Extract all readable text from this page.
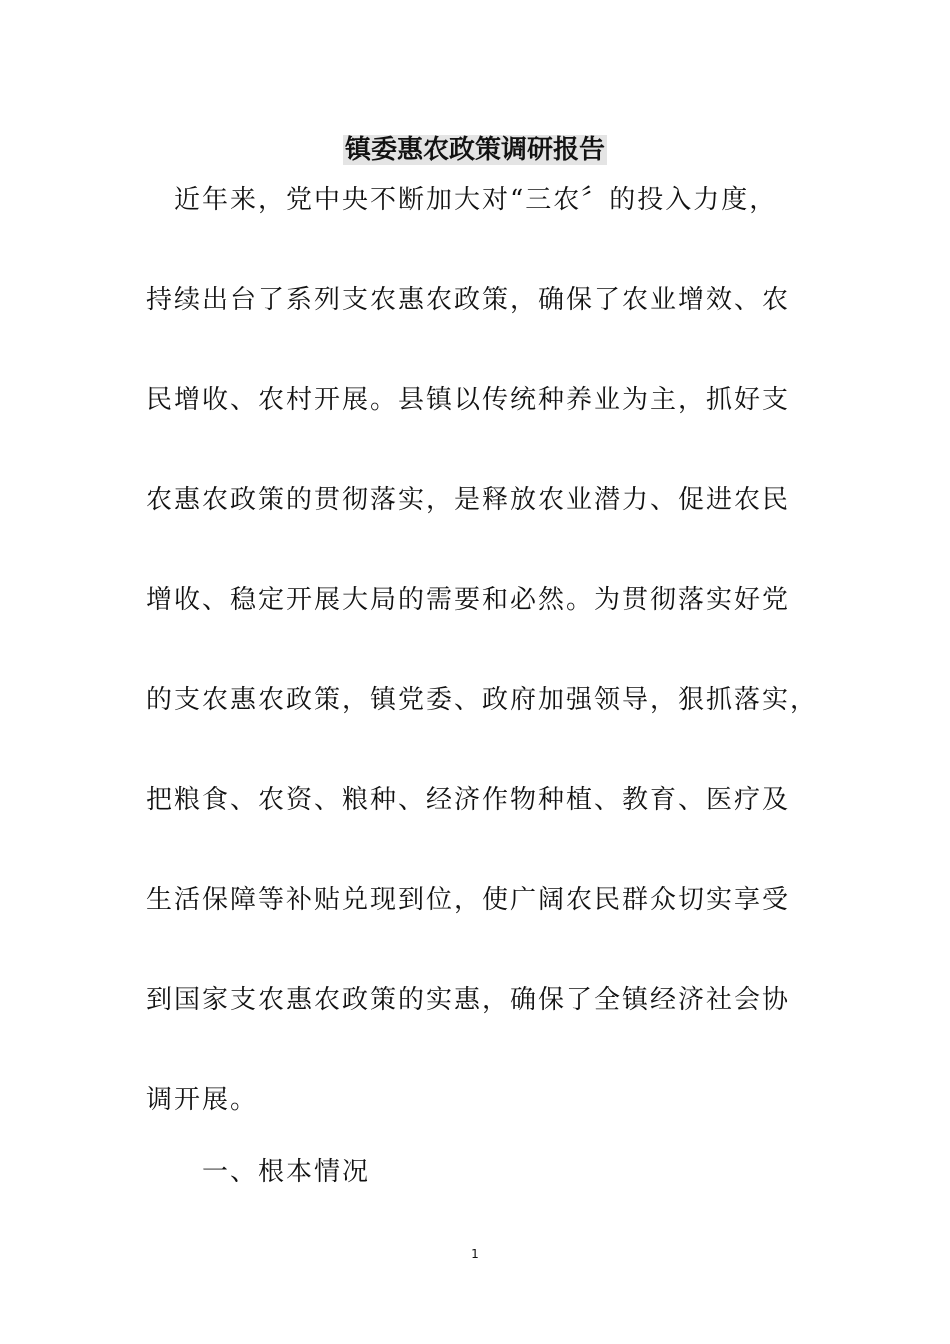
镇委惠农政策调研报告
近年来，党中央不断加大对“三农〞的投入力度，
持续出台了系列支农惠农政策，确保了农业增效、农
民增收、农村开展。县镇以传统种养业为主，抓好支
农惠农政策的贯彻落实，是释放农业潜力、促进农民
增收、稳定开展大局的需要和必然。为贯彻落实好党
的支农惠农政策，镇党委、政府加强领导，狠抓落实，
把粮食、农资、粮种、经济作物种植、教育、医疗及
生活保障等补贴兑现到位，使广阔农民群众切实享受
到国家支农惠农政策的实惠，确保了全镇经济社会协
调开展。
一、根本情况
1
